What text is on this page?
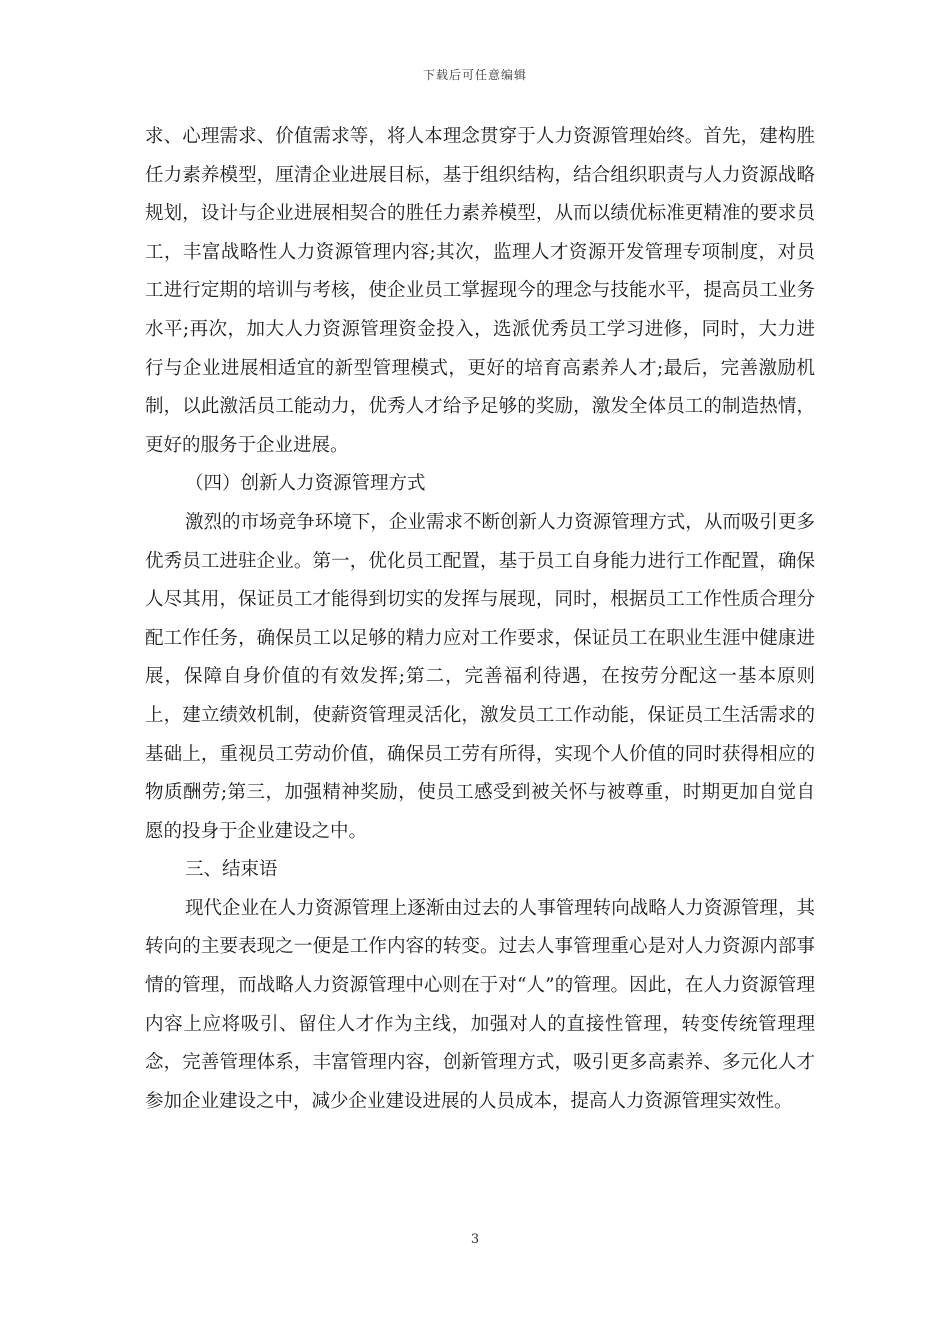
下载后可任意编辑

求、心理需求、价值需求等，将人本理念贯穿于人力资源管理始终。首先，建构胜任力素养模型，厘清企业进展目标，基于组织结构，结合组织职责与人力资源战略规划，设计与企业进展相契合的胜任力素养模型，从而以绩优标准更精准的要求员工，丰富战略性人力资源管理内容;其次，监理人才资源开发管理专项制度，对员工进行定期的培训与考核，使企业员工掌握现今的理念与技能水平，提高员工业务水平;再次，加大人力资源管理资金投入，选派优秀员工学习进修，同时，大力进行与企业进展相适宜的新型管理模式，更好的培育高素养人才;最后，完善激励机制，以此激活员工能动力，优秀人才给予足够的奖励，激发全体员工的制造热情，更好的服务于企业进展。

（四）创新人力资源管理方式

激烈的市场竞争环境下，企业需求不断创新人力资源管理方式，从而吸引更多优秀员工进驻企业。第一，优化员工配置，基于员工自身能力进行工作配置，确保人尽其用，保证员工才能得到切实的发挥与展现，同时，根据员工工作性质合理分配工作任务，确保员工以足够的精力应对工作要求，保证员工在职业生涯中健康进展，保障自身价值的有效发挥;第二，完善福利待遇，在按劳分配这一基本原则上，建立绩效机制，使薪资管理灵活化，激发员工工作动能，保证员工生活需求的基础上，重视员工劳动价值，确保员工劳有所得，实现个人价值的同时获得相应的物质酬劳;第三，加强精神奖励，使员工感受到被关怀与被尊重，时期更加自觉自愿的投身于企业建设之中。

三、结束语

现代企业在人力资源管理上逐渐由过去的人事管理转向战略人力资源管理，其转向的主要表现之一便是工作内容的转变。过去人事管理重心是对人力资源内部事情的管理，而战略人力资源管理中心则在于对“人”的管理。因此，在人力资源管理内容上应将吸引、留住人才作为主线，加强对人的直接性管理，转变传统管理理念，完善管理体系，丰富管理内容，创新管理方式，吸引更多高素养、多元化人才参加企业建设之中，减少企业建设进展的人员成本，提高人力资源管理实效性。

3
